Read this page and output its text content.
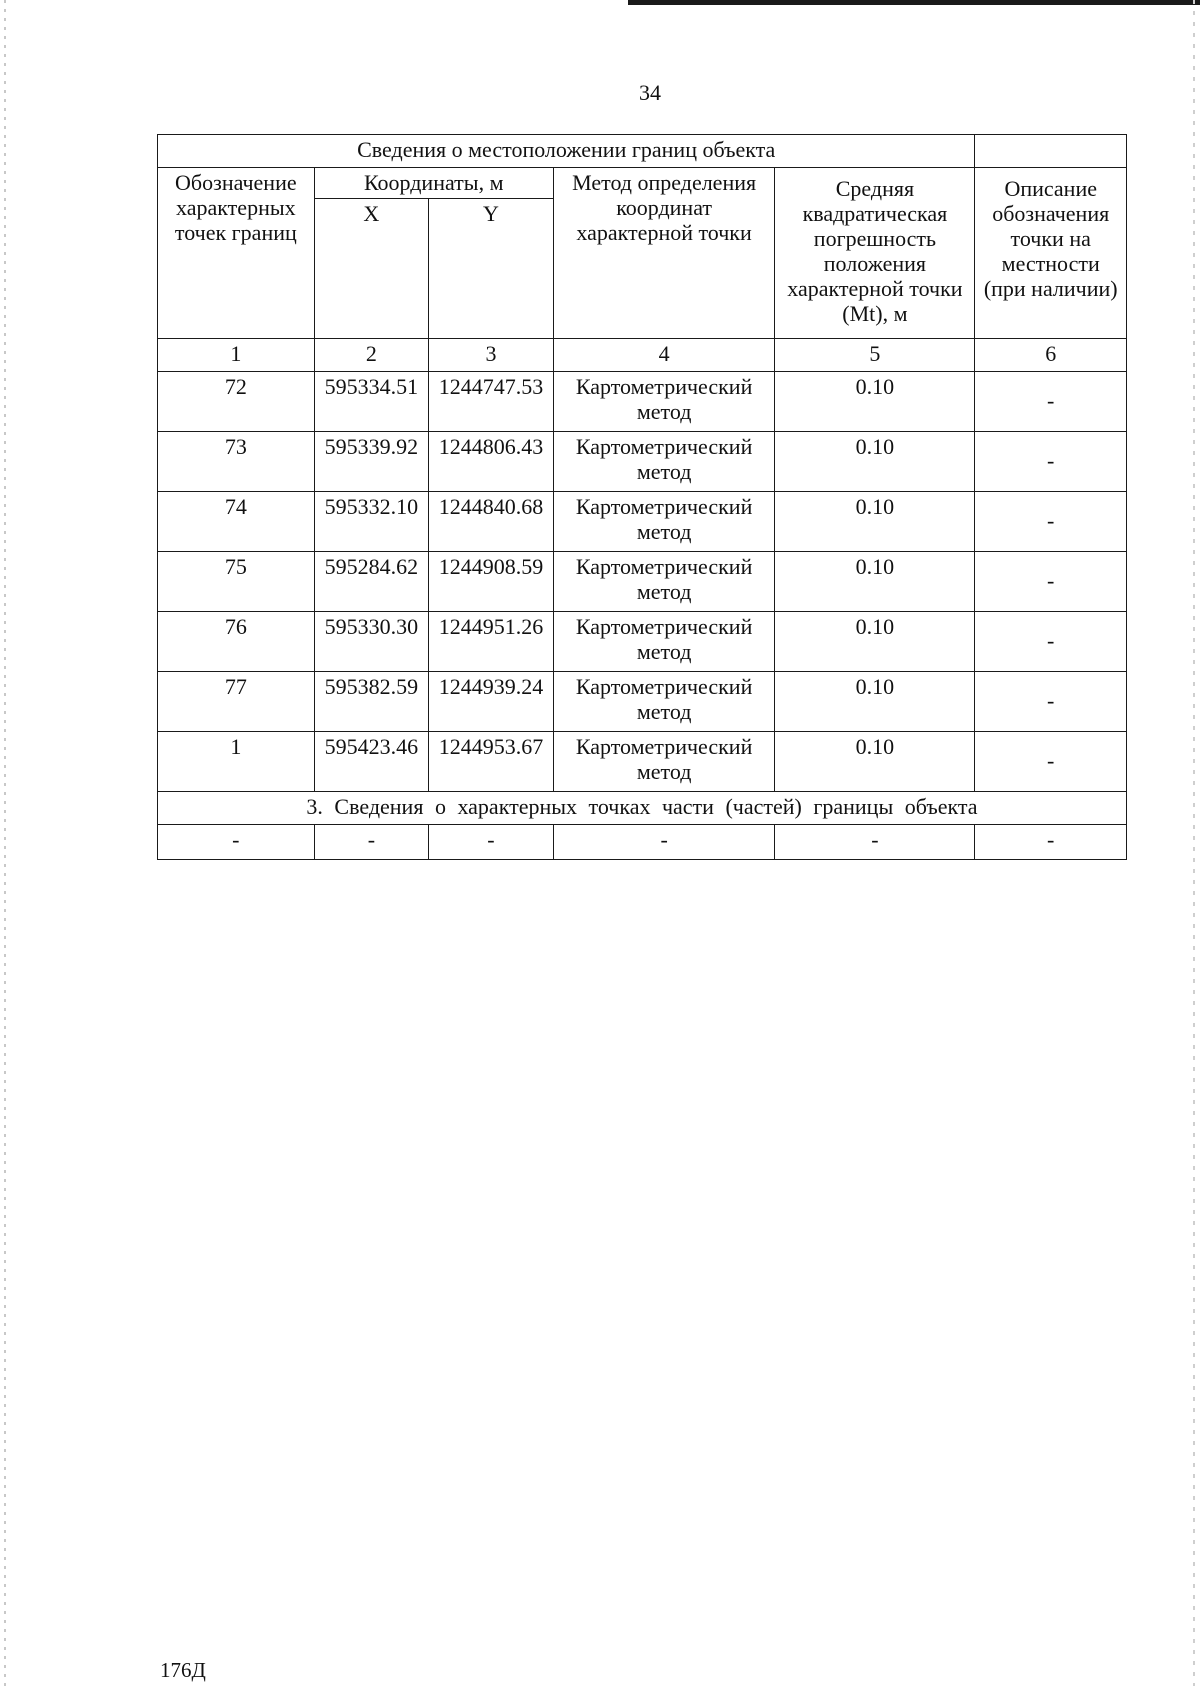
34
Сведения о местоположении границ объекта					
Обозначение характерных точек границ	Координаты, м		Метод определения координат характерной точки	Средняя квадратическая погрешность положения характерной точки (Mt), м	Описание обозначения точки на местности (при наличии)
	X	Y			
1	2	3	4	5	6
72	595334.51	1244747.53	Картометрический метод	0.10	-
73	595339.92	1244806.43	Картометрический метод	0.10	-
74	595332.10	1244840.68	Картометрический метод	0.10	-
75	595284.62	1244908.59	Картометрический метод	0.10	-
76	595330.30	1244951.26	Картометрический метод	0.10	-
77	595382.59	1244939.24	Картометрический метод	0.10	-
1	595423.46	1244953.67	Картометрический метод	0.10	-
3. Сведения о характерных точках части (частей) границы объекта					
-	-	-	-	-	-
176Д
